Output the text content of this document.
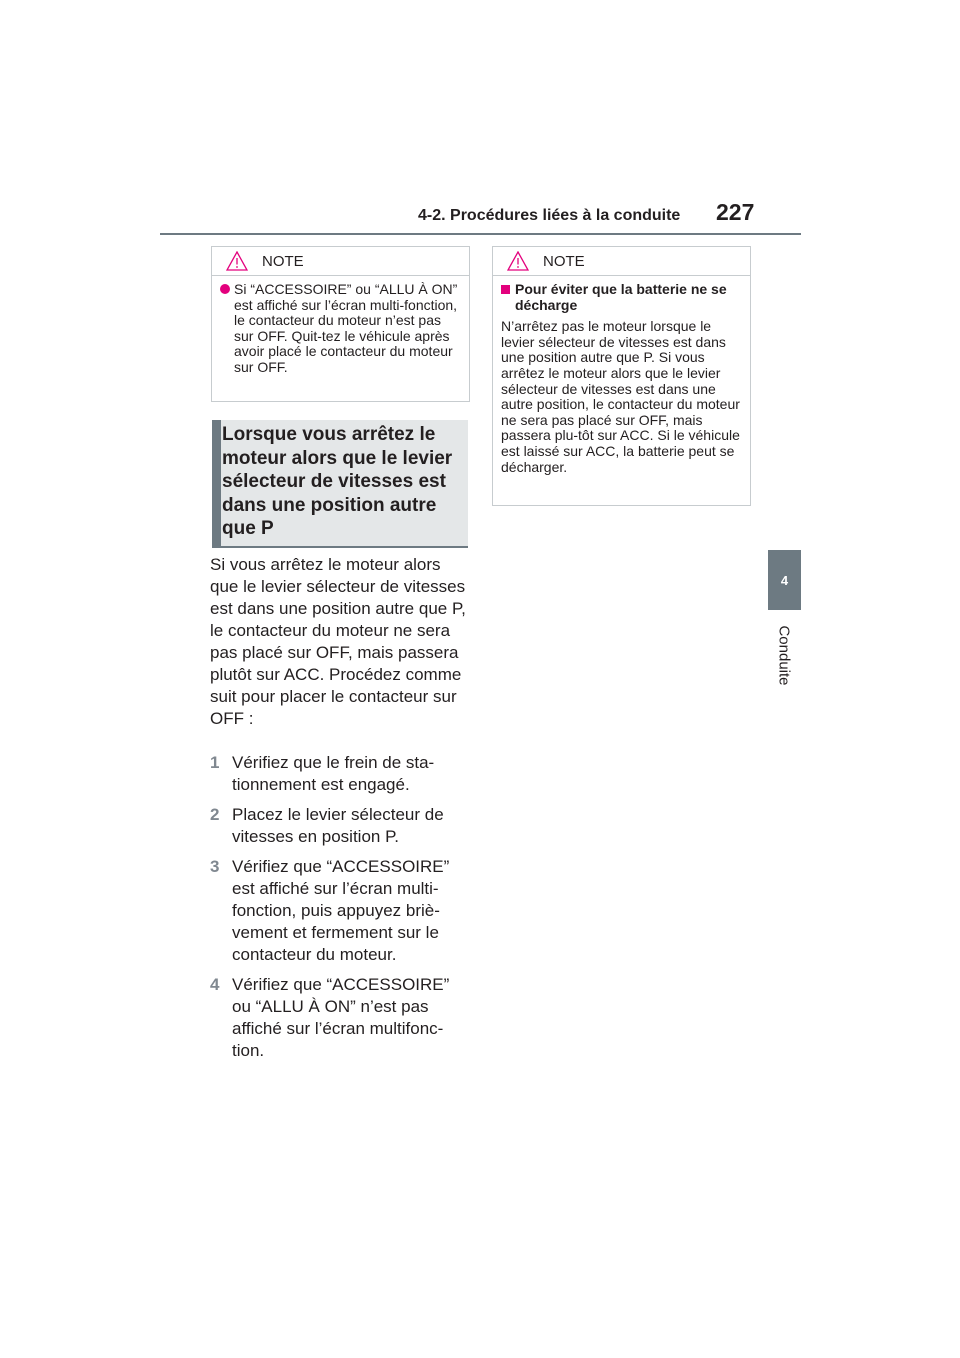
4-2. Procédures liées à la conduite	227
4
Conduite
NOTE
Si “ACCESSOIRE” ou “ALLU À ON” est affiché sur l’écran multi-fonction, le contacteur du moteur n’est pas sur OFF. Quit-tez le véhicule après avoir placé le contacteur du moteur sur OFF.
Lorsque vous arrêtez le moteur alors que le levier sélecteur de vitesses est dans une position autre que P
Si vous arrêtez le moteur alors que le levier sélecteur de vitesses est dans une position autre que P, le contacteur du moteur ne sera pas placé sur OFF, mais passera plutôt sur ACC. Procédez comme suit pour placer le contacteur sur OFF :
1 Vérifiez que le frein de sta-tionnement est engagé.
2 Placez le levier sélecteur de vitesses en position P.
3 Vérifiez que “ACCESSOIRE” est affiché sur l’écran multi-fonction, puis appuyez briè-vement et fermement sur le contacteur du moteur.
4 Vérifiez que “ACCESSOIRE” ou “ALLU À ON” n’est pas affiché sur l’écran multifonc-tion.
NOTE
Pour éviter que la batterie ne se décharge
N’arrêtez pas le moteur lorsque le levier sélecteur de vitesses est dans une position autre que P. Si vous arrêtez le moteur alors que le levier sélecteur de vitesses est dans une autre position, le contacteur du moteur ne sera pas placé sur OFF, mais passera plu-tôt sur ACC. Si le véhicule est laissé sur ACC, la batterie peut se décharger.
